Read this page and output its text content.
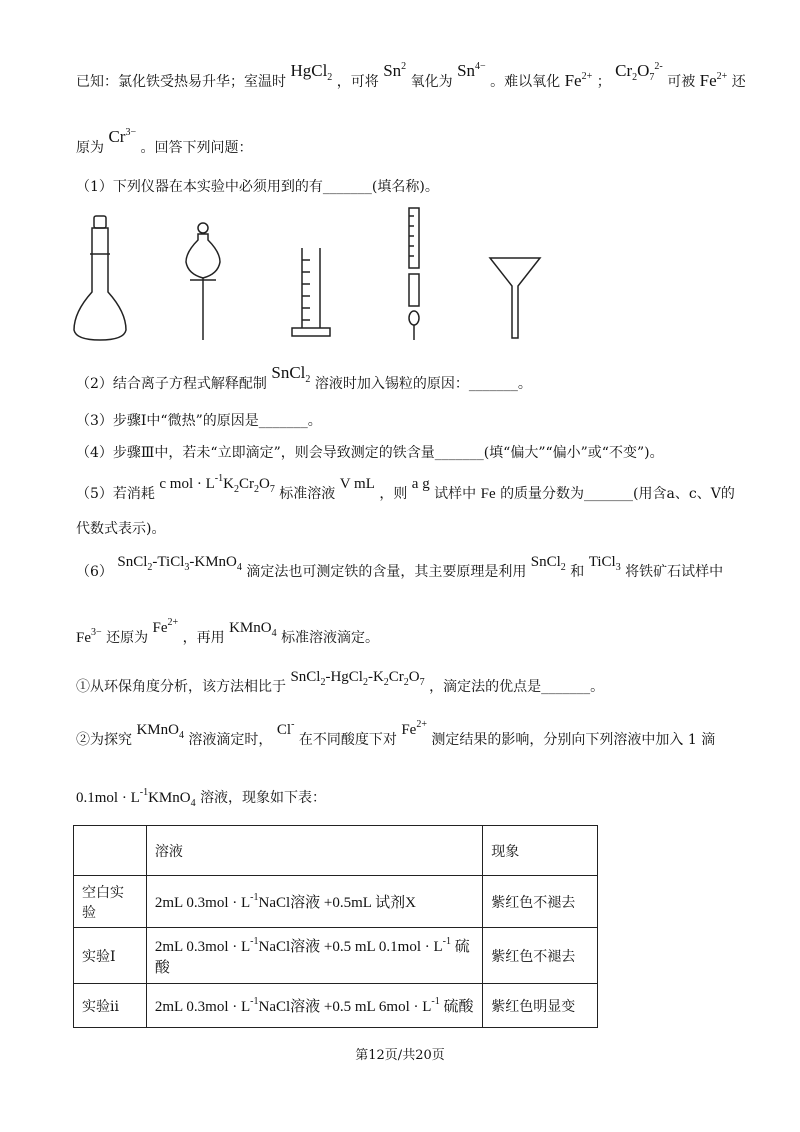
已知：氯化铁受热易升华；室温时 HgCl$_2$ ，可将 Sn$^2$ 氧化为 $Sn^{4-}$ 。难以氧化 $Fe^{2+}$ ； $Cr_2O_7^{2-}$ 可被 $Fe^{2+}$ 还
原为 $Cr^{3-}$ 。回答下列问题：
（1）下列仪器在本实验中必须用到的有_______(填名称)。
（2）结合离子方程式解释配制 SnCl$_2$ 溶液时加入锡粒的原因：_______。
（3）步骤Ⅰ中“微热”的原因是_______。
（4）步骤Ⅲ中，若未“立即滴定”，则会导致测定的铁含量_______(填“偏大”“偏小”或“不变”)。
（5）若消耗 c mol · $L^{-1}K_2Cr_2O_7$ 标准溶液 V mL ，则 a g 试样中 Fe 的质量分数为_______(用含a、c、V的
代数式表示)。
（6） SnCl$_2$-TiCl$_3$-KMnO$_4$ 滴定法也可测定铁的含量，其主要原理是利用 SnCl$_2$ 和 TiCl$_3$ 将铁矿石试样中
$Fe^{3-}$ 还原为 $Fe^{2+}$ ，再用 KMnO$_4$ 标准溶液滴定。
①从环保角度分析，该方法相比于 $SnCl_2-HgCl_2-K_2Cr_2O_7$ ，滴定法的优点是_______。
②为探究 KMnO$_4$ 溶液滴定时， Cl- 在不同酸度下对 $Fe^{2+}$ 测定结果的影响，分别向下列溶液中加入 1 滴
$0.1mol \cdot L^{-1}KMnO_4$ 溶液，现象如下表：
	溶液	现象
空白实验	2mL $0.3mol \cdot L^{-1}NaCl$溶液 +0.5mL 试剂X	紫红色不褪去
实验Ⅰ	2mL $0.3mol \cdot L^{-1}NaCl$溶液 +0.5 mL $0.1mol \cdot L^{-1}$ 硫酸	紫红色不褪去
实验ii	2mL $0.3mol \cdot L^{-1}NaCl$溶液 +0.5 mL $6mol \cdot L^{-1}$ 硫酸	紫红色明显变
第12页/共20页
